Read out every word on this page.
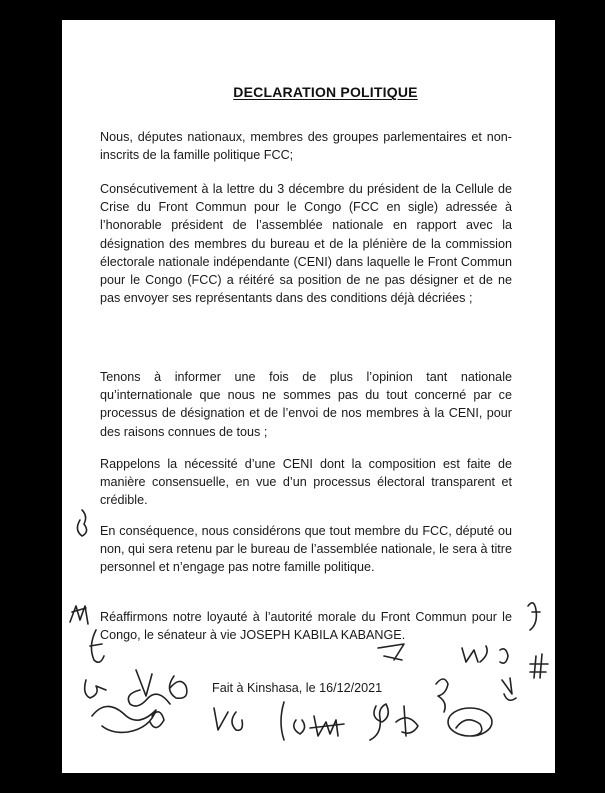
DECLARATION POLITIQUE
Nous, députes nationaux, membres des groupes parlementaires et non-inscrits de la famille politique FCC;
Consécutivement à la lettre du 3 décembre du président de la Cellule de Crise du Front Commun pour le Congo (FCC en sigle) adressée à l’honorable président de l’assemblée nationale en rapport avec la désignation des membres du bureau et de la plénière de la commission électorale nationale indépendante (CENI) dans laquelle le Front Commun pour le Congo (FCC) a réitéré sa position de ne pas désigner et de ne pas envoyer ses représentants dans des conditions déjà décriées ;
Tenons à informer une fois de plus l’opinion tant nationale qu’internationale que nous ne sommes pas du tout concerné par ce processus de désignation et de l’envoi de nos membres à la CENI, pour des raisons connues de tous ;
Rappelons la nécessité d’une CENI dont la composition est faite de manière consensuelle, en vue d’un processus électoral transparent et crédible.
En conséquence, nous considérons que tout membre du FCC, député ou non, qui sera retenu par le bureau de l’assemblée nationale, le sera à titre personnel et n’engage pas notre famille politique.
Réaffirmons notre loyauté à l’autorité morale du Front Commun pour le Congo, le sénateur à vie JOSEPH KABILA KABANGE.
Fait à Kinshasa, le 16/12/2021
